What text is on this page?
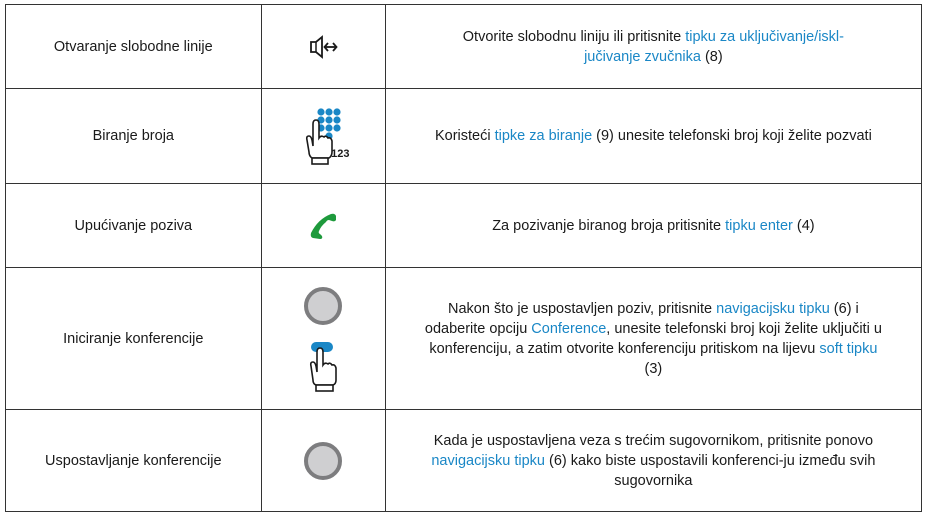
Otvaranje slobodne linije		Otvorite slobodnu liniju ili pritisnite tipku za uključivanje/iskl-
jučivanje zvučnika (8)

Biranje broja	123	Koristeći tipke za biranje (9) unesite telefonski broj koji želite pozvati

Upućivanje poziva		Za pozivanje biranog broja pritisnite tipku enter (4)

Iniciranje konferencije		Nakon što je uspostavljen poziv, pritisnite navigacijsku tipku (6) i odaberite opciju Conference, unesite telefonski broj koji želite uključiti u konferenciju, a zatim otvorite konferenciju pritiskom na lijevu soft tipku (3)

Uspostavljanje konferencije		Kada je uspostavljena veza s trećim sugovornikom, pritisnite ponovo navigacijsku tipku (6) kako biste uspostavili konferenci-ju između svih sugovornika
